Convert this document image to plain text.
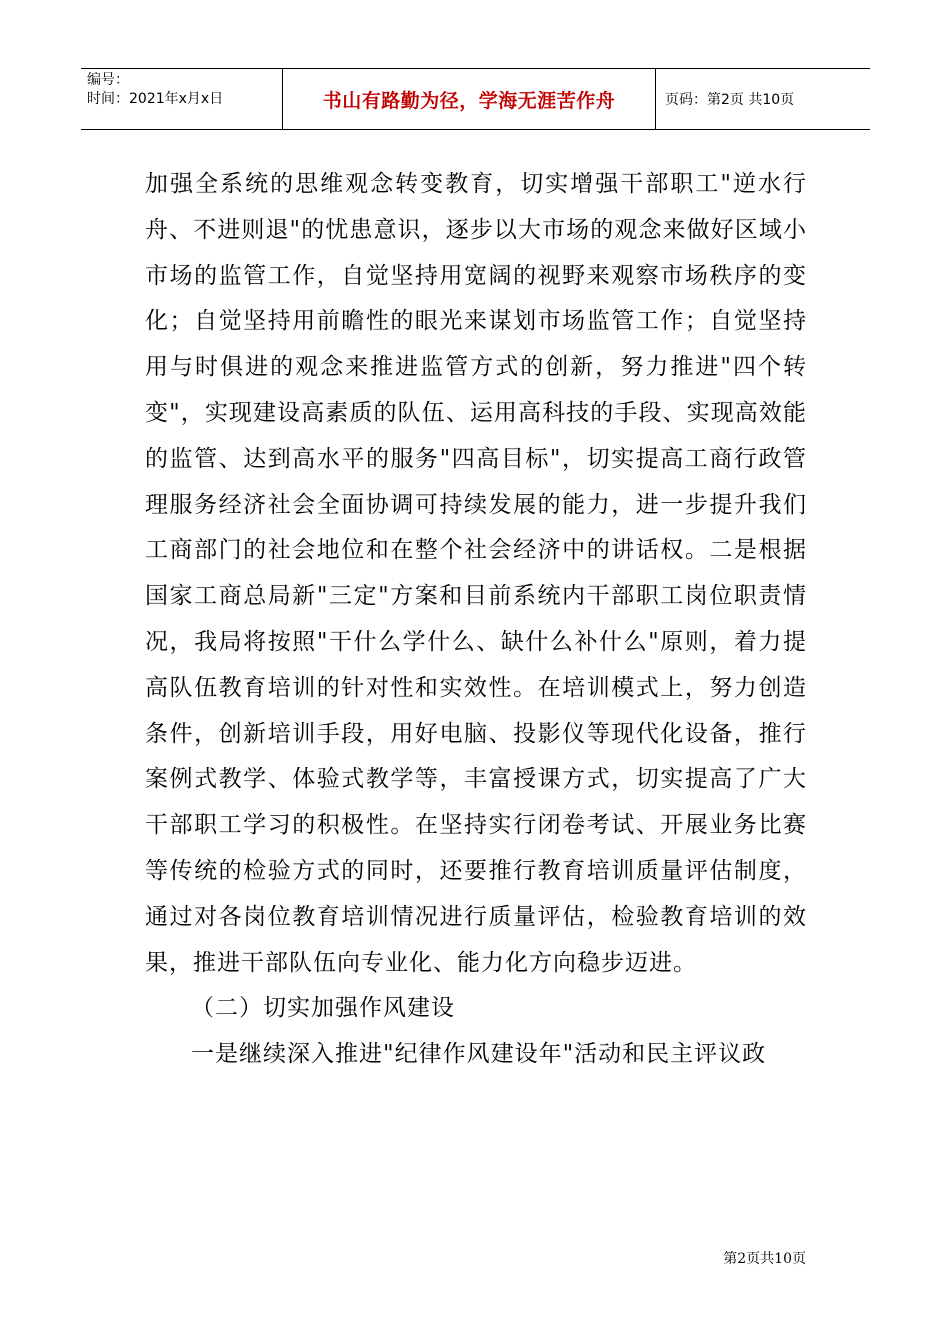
编号：
时间：2021年x月x日	书山有路勤为径，学海无涯苦作舟	页码：第2页 共10页

加强全系统的思维观念转变教育，切实增强干部职工"逆水行舟、不进则退"的忧患意识，逐步以大市场的观念来做好区域小市场的监管工作，自觉坚持用宽阔的视野来观察市场秩序的变化；自觉坚持用前瞻性的眼光来谋划市场监管工作；自觉坚持用与时俱进的观念来推进监管方式的创新，努力推进"四个转变"，实现建设高素质的队伍、运用高科技的手段、实现高效能的监管、达到高水平的服务"四高目标"，切实提高工商行政管理服务经济社会全面协调可持续发展的能力，进一步提升我们工商部门的社会地位和在整个社会经济中的讲话权。二是根据国家工商总局新"三定"方案和目前系统内干部职工岗位职责情况，我局将按照"干什么学什么、缺什么补什么"原则，着力提高队伍教育培训的针对性和实效性。在培训模式上，努力创造条件，创新培训手段，用好电脑、投影仪等现代化设备，推行案例式教学、体验式教学等，丰富授课方式，切实提高了广大干部职工学习的积极性。在坚持实行闭卷考试、开展业务比赛等传统的检验方式的同时，还要推行教育培训质量评估制度，通过对各岗位教育培训情况进行质量评估，检验教育培训的效果，推进干部队伍向专业化、能力化方向稳步迈进。

（二）切实加强作风建设

一是继续深入推进"纪律作风建设年"活动和民主评议政

第2页共10页
